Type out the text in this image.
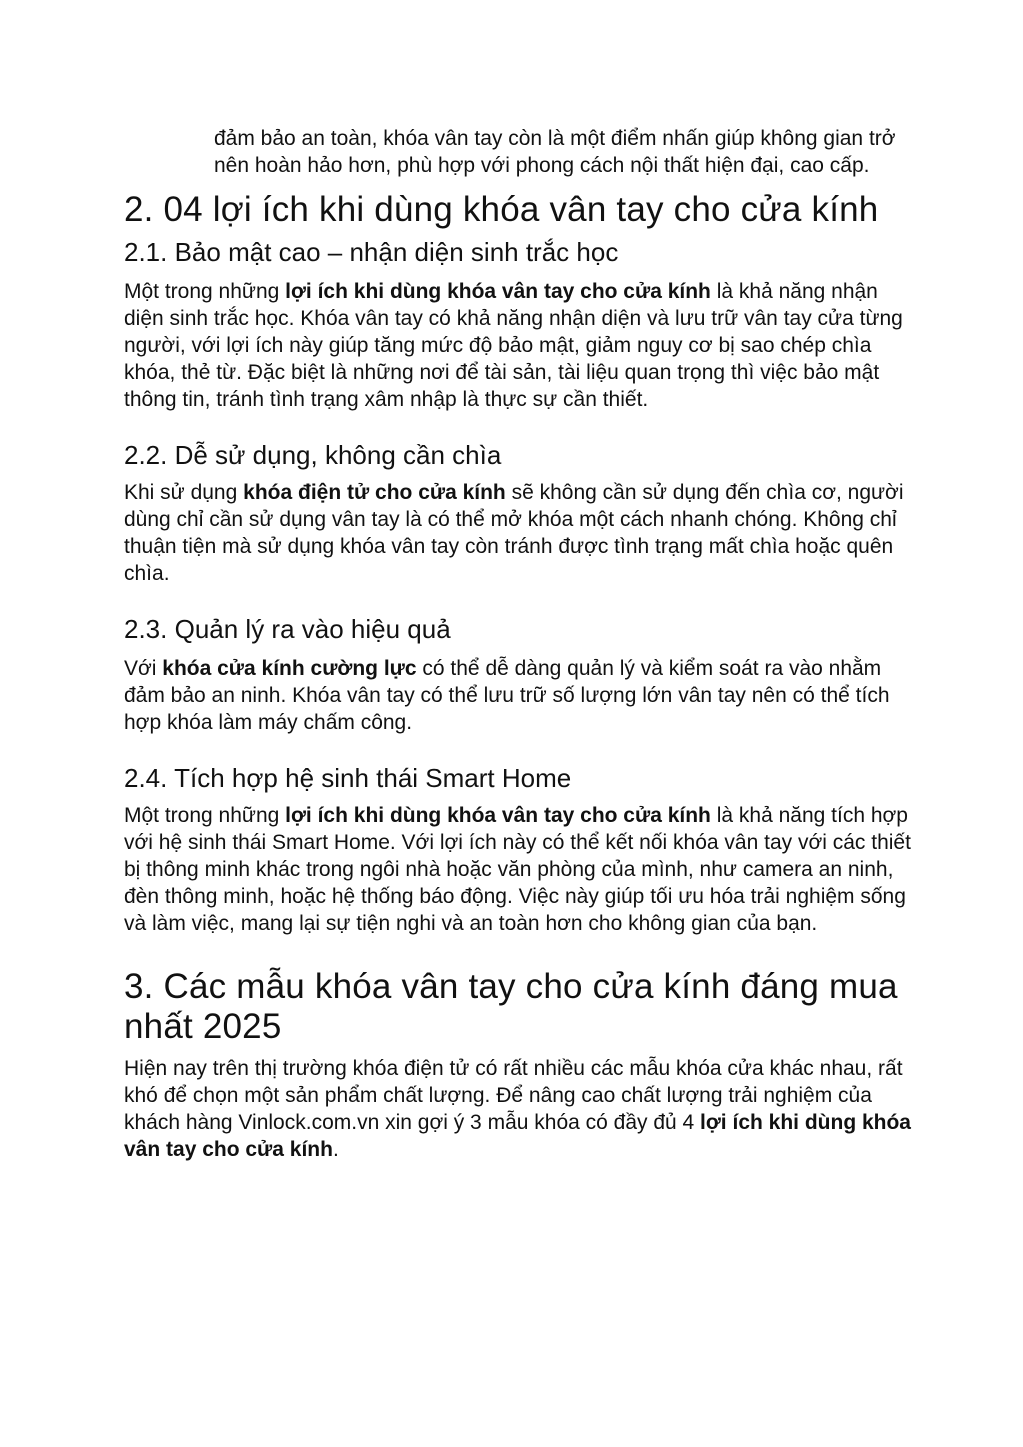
đảm bảo an toàn, khóa vân tay còn là một điểm nhấn giúp không gian trở nên hoàn hảo hơn, phù hợp với phong cách nội thất hiện đại, cao cấp.

2. 04 lợi ích khi dùng khóa vân tay cho cửa kính
2.1. Bảo mật cao – nhận diện sinh trắc học

Một trong những lợi ích khi dùng khóa vân tay cho cửa kính là khả năng nhận diện sinh trắc học. Khóa vân tay có khả năng nhận diện và lưu trữ vân tay cửa từng người, với lợi ích này giúp tăng mức độ bảo mật, giảm nguy cơ bị sao chép chìa khóa, thẻ từ. Đặc biệt là những nơi để tài sản, tài liệu quan trọng thì việc bảo mật thông tin, tránh tình trạng xâm nhập là thực sự cần thiết.

2.2. Dễ sử dụng, không cần chìa

Khi sử dụng khóa điện tử cho cửa kính sẽ không cần sử dụng đến chìa cơ, người dùng chỉ cần sử dụng vân tay là có thể mở khóa một cách nhanh chóng. Không chỉ thuận tiện mà sử dụng khóa vân tay còn tránh được tình trạng mất chìa hoặc quên chìa.

2.3. Quản lý ra vào hiệu quả

Với khóa cửa kính cường lực có thể dễ dàng quản lý và kiểm soát ra vào nhằm đảm bảo an ninh. Khóa vân tay có thể lưu trữ số lượng lớn vân tay nên có thể tích hợp khóa làm máy chấm công.

2.4. Tích hợp hệ sinh thái Smart Home

Một trong những lợi ích khi dùng khóa vân tay cho cửa kính là khả năng tích hợp với hệ sinh thái Smart Home. Với lợi ích này có thể kết nối khóa vân tay với các thiết bị thông minh khác trong ngôi nhà hoặc văn phòng của mình, như camera an ninh, đèn thông minh, hoặc hệ thống báo động. Việc này giúp tối ưu hóa trải nghiệm sống và làm việc, mang lại sự tiện nghi và an toàn hơn cho không gian của bạn.

3. Các mẫu khóa vân tay cho cửa kính đáng mua nhất 2025

Hiện nay trên thị trường khóa điện tử có rất nhiều các mẫu khóa cửa khác nhau, rất khó để chọn một sản phẩm chất lượng. Để nâng cao chất lượng trải nghiệm của khách hàng Vinlock.com.vn xin gợi ý 3 mẫu khóa có đầy đủ 4 lợi ích khi dùng khóa vân tay cho cửa kính.
